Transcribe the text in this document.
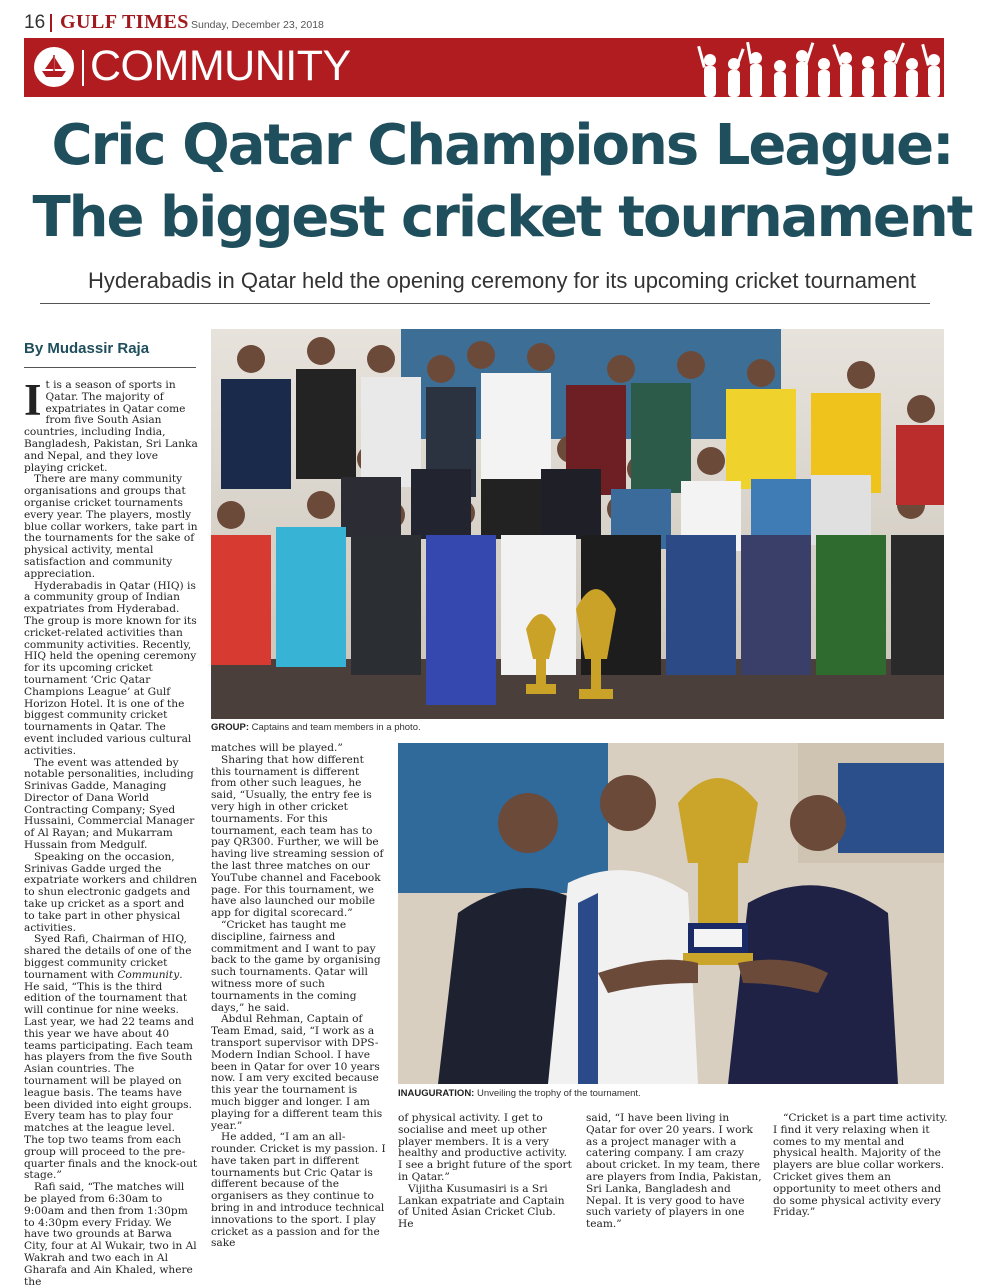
16 GULF TIMES Sunday, December 23, 2018
COMMUNITY
Cric Qatar Champions League:
The biggest cricket tournament
Hyderabadis in Qatar held the opening ceremony for its upcoming cricket tournament
By Mudassir Raja

It is a season of sports in Qatar. The majority of expatriates in Qatar come from five South Asian countries, including India, Bangladesh, Pakistan, Sri Lanka and Nepal, and they love playing cricket.

There are many community organisations and groups that organise cricket tournaments every year. The players, mostly blue collar workers, take part in the tournaments for the sake of physical activity, mental satisfaction and community appreciation.

Hyderabadis in Qatar (HIQ) is a community group of Indian expatriates from Hyderabad. The group is more known for its cricket-related activities than community activities. Recently, HIQ held the opening ceremony for its upcoming cricket tournament ‘Cric Qatar Champions League’ at Gulf Horizon Hotel. It is one of the biggest community cricket tournaments in Qatar. The event included various cultural activities.

The event was attended by notable personalities, including Srinivas Gadde, Managing Director of Dana World Contracting Company; Syed Hussaini, Commercial Manager of Al Rayan; and Mukarram Hussain from Medgulf.

Speaking on the occasion, Srinivas Gadde urged the expatriate workers and children to shun electronic gadgets and take up cricket as a sport and to take part in other physical activities.

Syed Rafi, Chairman of HIQ, shared the details of one of the biggest community cricket tournament with Community. He said, “This is the third edition of the tournament that will continue for nine weeks. Last year, we had 22 teams and this year we have about 40 teams participating. Each team has players from the five South Asian countries. The tournament will be played on league basis. The teams have been divided into eight groups. Every team has to play four matches at the league level. The top two teams from each group will proceed to the pre-quarter finals and the knock-out stage.”

Rafi said, “The matches will be played from 6:30am to 9:00am and then from 1:30pm to 4:30pm every Friday. We have two grounds at Barwa City, four at Al Wukair, two in Al Wakrah and two each in Al Gharafa and Ain Khaled, where the

GROUP: Captains and team members in a photo.

matches will be played.”

Sharing that how different this tournament is different from other such leagues, he said, “Usually, the entry fee is very high in other cricket tournaments. For this tournament, each team has to pay QR300. Further, we will be having live streaming session of the last three matches on our YouTube channel and Facebook page. For this tournament, we have also launched our mobile app for digital scorecard.”

“Cricket has taught me discipline, fairness and commitment and I want to pay back to the game by organising such tournaments. Qatar will witness more of such tournaments in the coming days,” he said.

Abdul Rehman, Captain of Team Emad, said, “I work as a transport supervisor with DPS-Modern Indian School. I have been in Qatar for over 10 years now. I am very excited because this year the tournament is much bigger and longer. I am playing for a different team this year.”

He added, “I am an all-rounder. Cricket is my passion. I have taken part in different tournaments but Cric Qatar is different because of the organisers as they continue to bring in and introduce technical innovations to the sport. I play cricket as a passion and for the sake

INAUGURATION: Unveiling the trophy of the tournament.

of physical activity. I get to socialise and meet up other player members. It is a very healthy and productive activity. I see a bright future of the sport in Qatar.”

Vijitha Kusumasiri is a Sri Lankan expatriate and Captain of United Asian Cricket Club. He

said, “I have been living in Qatar for over 20 years. I work as a project manager with a catering company. I am crazy about cricket. In my team, there are players from India, Pakistan, Sri Lanka, Bangladesh and Nepal. It is very good to have such variety of players in one team.”

“Cricket is a part time activity. I find it very relaxing when it comes to my mental and physical health. Majority of the players are blue collar workers. Cricket gives them an opportunity to meet others and do some physical activity every Friday.”
